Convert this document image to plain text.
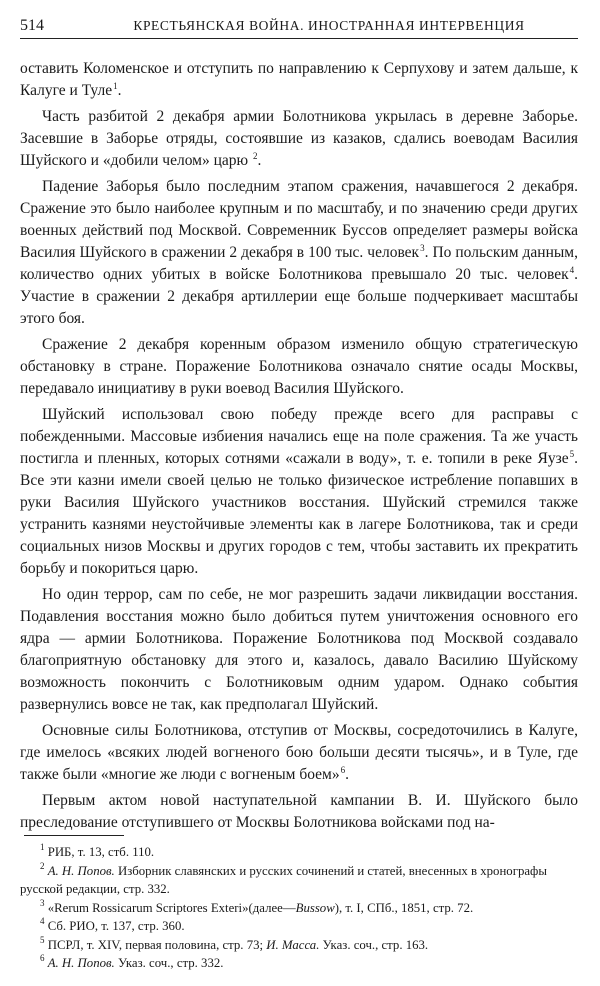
514	КРЕСТЬЯНСКАЯ ВОЙНА. ИНОСТРАННАЯ ИНТЕРВЕНЦИЯ

оставить Коломенское и отступить по направлению к Серпухову и затем дальше, к Калуге и Туле$^1$.

Часть разбитой 2 декабря армии Болотникова укрылась в деревне Заборье. Засевшие в Заборье отряды, состоявшие из казаков, сдались воеводам Василия Шуйского и «добили челом» царю $^2$.

Падение Заборья было последним этапом сражения, начавшегося 2 декабря. Сражение это было наиболее крупным и по масштабу, и по значению среди других военных действий под Москвой. Современник Буссов определяет размеры войска Василия Шуйского в сражении 2 декабря в 100 тыс. человек$^3$. По польским данным, количество одних убитых в войске Болотникова превышало 20 тыс. человек$^4$. Участие в сражении 2 декабря артиллерии еще больше подчеркивает масштабы этого боя.

Сражение 2 декабря коренным образом изменило общую стратегическую обстановку в стране. Поражение Болотникова означало снятие осады Москвы, передавало инициативу в руки воевод Василия Шуйского.

Шуйский использовал свою победу прежде всего для расправы с побежденными. Массовые избиения начались еще на поле сражения. Та же участь постигла и пленных, которых сотнями «сажали в воду», т. е. топили в реке Яузе$^5$. Все эти казни имели своей целью не только физическое истребление попавших в руки Василия Шуйского участников восстания. Шуйский стремился также устранить казнями неустойчивые элементы как в лагере Болотникова, так и среди социальных низов Москвы и других городов с тем, чтобы заставить их прекратить борьбу и покориться царю.

Но один террор, сам по себе, не мог разрешить задачи ликвидации восстания. Подавления восстания можно было добиться путем уничтожения основного его ядра — армии Болотникова. Поражение Болотникова под Москвой создавало благоприятную обстановку для этого и, казалось, давало Василию Шуйскому возможность покончить с Болотниковым одним ударом. Однако события развернулись вовсе не так, как предполагал Шуйский.

Основные силы Болотникова, отступив от Москвы, сосредоточились в Калуге, где имелось «всяких людей вогненого бою больши десяти тысячь», и в Туле, где также были «многие же люди с вогненым боем»$^6$.

Первым актом новой наступательной кампании В. И. Шуйского было преследование отступившего от Москвы Болотникова войсками под на-

$^1$ РИБ, т. 13, стб. 110.

$^2$ А. Н. Попов. Изборник славянских и русских сочинений и статей, внесенных в хронографы русской редакции, стр. 332.

$^3$ «Rerum Rossicarum Scriptores Exteri»(далее—Bussow), т. I, СПб., 1851, стр. 72.

$^4$ Сб. РИО, т. 137, стр. 360.

$^5$ ПСРЛ, т. XIV, первая половина, стр. 73; И. Масса. Указ. соч., стр. 163.

$^6$ А. Н. Попов. Указ. соч., стр. 332.
